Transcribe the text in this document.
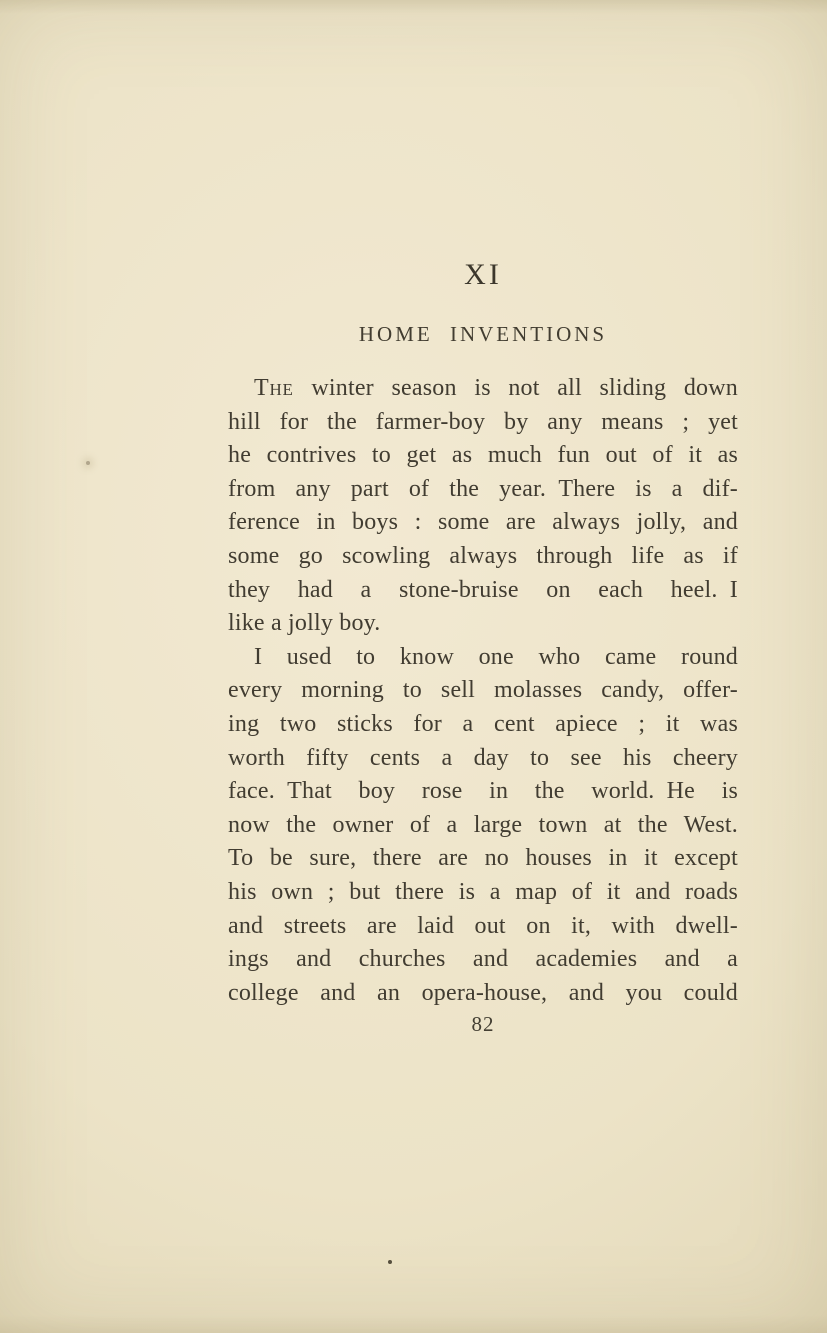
XI
HOME INVENTIONS
The winter season is not all sliding down
hill for the farmer-boy by any means ; yet
he contrives to get as much fun out of it as
from any part of the year. There is a dif-
ference in boys : some are always jolly, and
some go scowling always through life as if
they had a stone-bruise on each heel. I
like a jolly boy.
I used to know one who came round
every morning to sell molasses candy, offer-
ing two sticks for a cent apiece ; it was
worth fifty cents a day to see his cheery
face. That boy rose in the world. He is
now the owner of a large town at the West.
To be sure, there are no houses in it except
his own ; but there is a map of it and roads
and streets are laid out on it, with dwell-
ings and churches and academies and a
college and an opera-house, and you could
82
